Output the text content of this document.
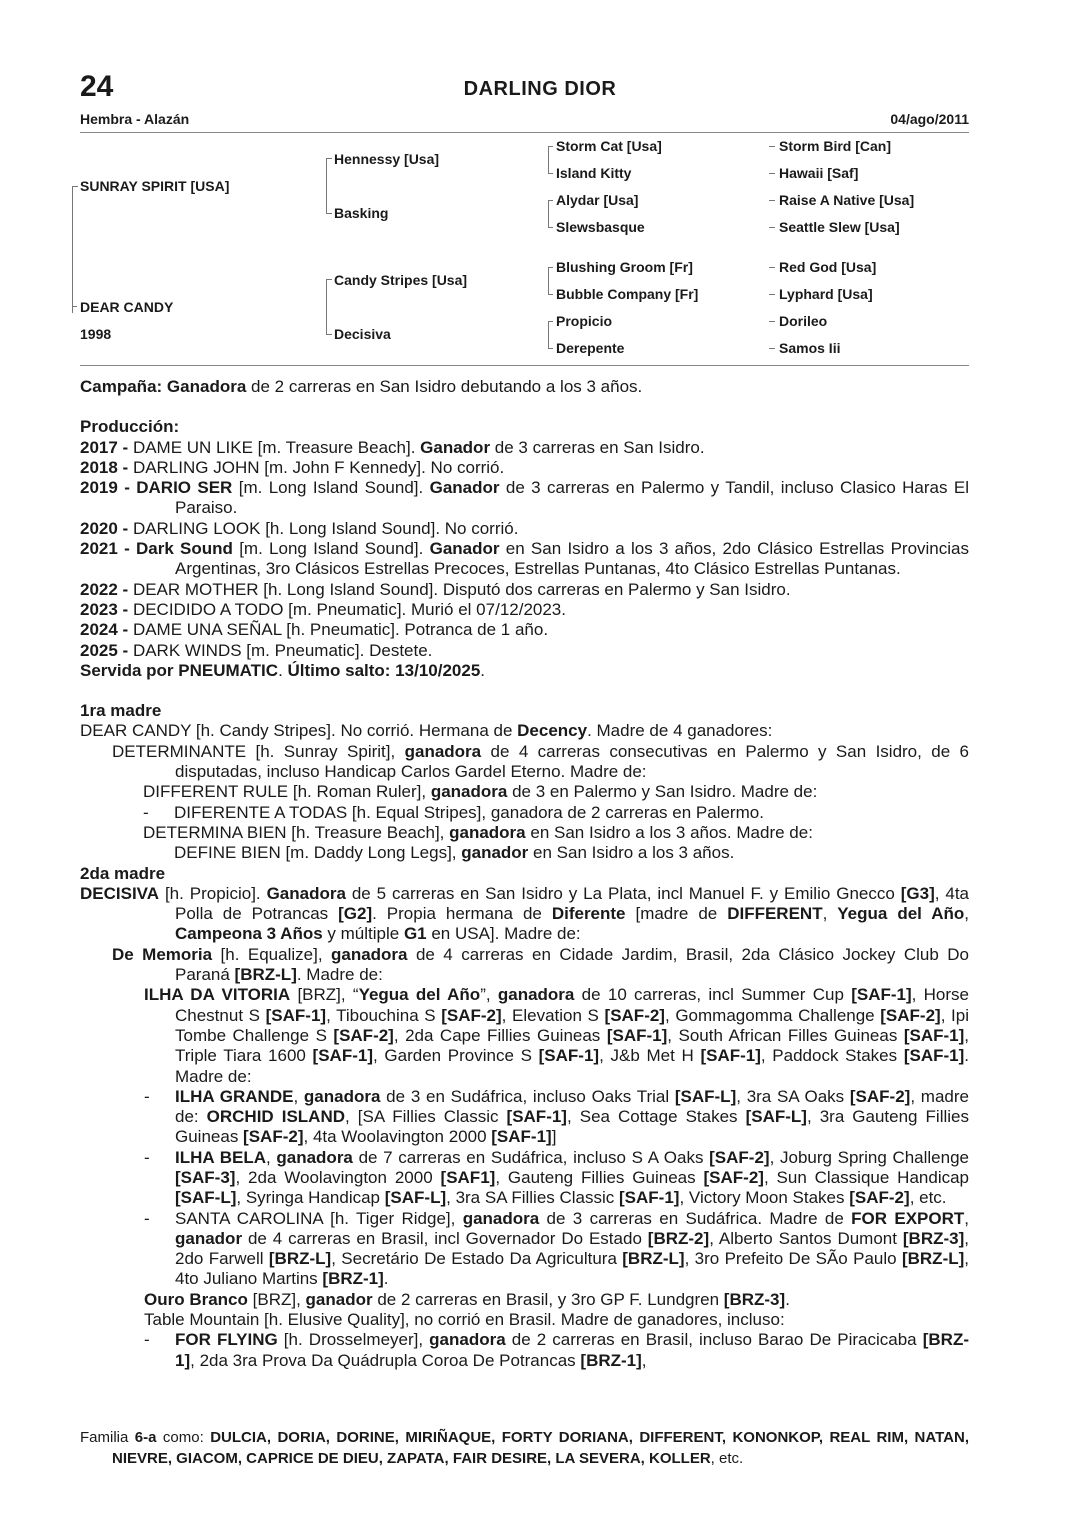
24	DARLING DIOR
Hembra - Alazán	04/ago/2011
SUNRAY SPIRIT [USA]
DEAR CANDY
1998
Hennessy [Usa]
Basking
Candy Stripes [Usa]
Decisiva
Storm Cat [Usa]
Island Kitty
Alydar [Usa]
Slewsbasque
Blushing Groom [Fr]
Bubble Company [Fr]
Propicio
Derepente
Storm Bird [Can]
Hawaii [Saf]
Raise A Native [Usa]
Seattle Slew [Usa]
Red God [Usa]
Lyphard [Usa]
Dorileo
Samos Iii

Campaña: Ganadora de 2 carreras en San Isidro debutando a los 3 años.

Producción:

2017 - DAME UN LIKE [m. Treasure Beach]. Ganador de 3 carreras en San Isidro.

2018 - DARLING JOHN [m. John F Kennedy]. No corrió.

2019 - DARIO SER [m. Long Island Sound]. Ganador de 3 carreras en Palermo y Tandil, incluso Clasico Haras El Paraiso.

2020 - DARLING LOOK [h. Long Island Sound]. No corrió.

2021 - Dark Sound [m. Long Island Sound]. Ganador en San Isidro a los 3 años, 2do Clásico Estrellas Provincias Argentinas, 3ro Clásicos Estrellas Precoces, Estrellas Puntanas, 4to Clásico Estrellas Puntanas.

2022 - DEAR MOTHER [h. Long Island Sound]. Disputó dos carreras en Palermo y San Isidro.

2023 - DECIDIDO A TODO [m. Pneumatic]. Murió el 07/12/2023.

2024 - DAME UNA SEÑAL [h. Pneumatic]. Potranca de 1 año.

2025 - DARK WINDS [m. Pneumatic]. Destete.

Servida por PNEUMATIC. Último salto: 13/10/2025.

1ra madre

DEAR CANDY [h. Candy Stripes]. No corrió. Hermana de Decency. Madre de 4 ganadores:

DETERMINANTE [h. Sunray Spirit], ganadora de 4 carreras consecutivas en Palermo y San Isidro, de 6 disputadas, incluso Handicap Carlos Gardel Eterno. Madre de:

DIFFERENT RULE [h. Roman Ruler], ganadora de 3 en Palermo y San Isidro. Madre de:

- DIFERENTE A TODAS [h. Equal Stripes], ganadora de 2 carreras en Palermo.

DETERMINA BIEN [h. Treasure Beach], ganadora en San Isidro a los 3 años. Madre de:

DEFINE BIEN [m. Daddy Long Legs], ganador en San Isidro a los 3 años.

2da madre

DECISIVA [h. Propicio]. Ganadora de 5 carreras en San Isidro y La Plata, incl Manuel F. y Emilio Gnecco [G3], 4ta Polla de Potrancas [G2]. Propia hermana de Diferente [madre de DIFFERENT, Yegua del Año, Campeona 3 Años y múltiple G1 en USA]. Madre de:

De Memoria [h. Equalize], ganadora de 4 carreras en Cidade Jardim, Brasil, 2da Clásico Jockey Club Do Paraná [BRZ-L]. Madre de:

ILHA DA VITORIA [BRZ], “Yegua del Año”, ganadora de 10 carreras, incl Summer Cup [SAF-1], Horse Chestnut S [SAF-1], Tibouchina S [SAF-2], Elevation S [SAF-2], Gommagomma Challenge [SAF-2], Ipi Tombe Challenge S [SAF-2], 2da Cape Fillies Guineas [SAF-1], South African Filles Guineas [SAF-1], Triple Tiara 1600 [SAF-1], Garden Province S [SAF-1], J&b Met H [SAF-1], Paddock Stakes [SAF-1]. Madre de:

- ILHA GRANDE, ganadora de 3 en Sudáfrica, incluso Oaks Trial [SAF-L], 3ra SA Oaks [SAF-2], madre de: ORCHID ISLAND, [SA Fillies Classic [SAF-1], Sea Cottage Stakes [SAF-L], 3ra Gauteng Fillies Guineas [SAF-2], 4ta Woolavington 2000 [SAF-1]]

- ILHA BELA, ganadora de 7 carreras en Sudáfrica, incluso S A Oaks [SAF-2], Joburg Spring Challenge [SAF-3], 2da Woolavington 2000 [SAF1], Gauteng Fillies Guineas [SAF-2], Sun Classique Handicap [SAF-L], Syringa Handicap [SAF-L], 3ra SA Fillies Classic [SAF-1], Victory Moon Stakes [SAF-2], etc.

- SANTA CAROLINA [h. Tiger Ridge], ganadora de 3 carreras en Sudáfrica. Madre de FOR EXPORT, ganador de 4 carreras en Brasil, incl Governador Do Estado [BRZ-2], Alberto Santos Dumont [BRZ-3], 2do Farwell [BRZ-L], Secretário De Estado Da Agricultura [BRZ-L], 3ro Prefeito De SÃo Paulo [BRZ-L], 4to Juliano Martins [BRZ-1].

Ouro Branco [BRZ], ganador de 2 carreras en Brasil, y 3ro GP F. Lundgren [BRZ-3].

Table Mountain [h. Elusive Quality], no corrió en Brasil. Madre de ganadores, incluso:

- FOR FLYING [h. Drosselmeyer], ganadora de 2 carreras en Brasil, incluso Barao De Piracicaba [BRZ-1], 2da 3ra Prova Da Quádrupla Coroa De Potrancas [BRZ-1],

Familia 6-a como: DULCIA, DORIA, DORINE, MIRIÑAQUE, FORTY DORIANA, DIFFERENT, KONONKOP, REAL RIM, NATAN, NIEVRE, GIACOM, CAPRICE DE DIEU, ZAPATA, FAIR DESIRE, LA SEVERA, KOLLER, etc.
